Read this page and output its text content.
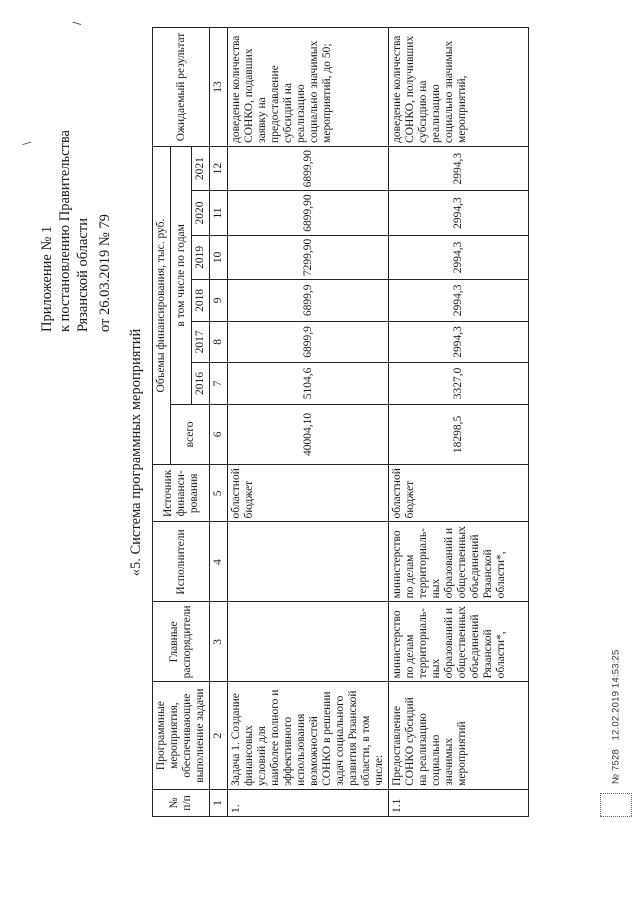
Приложение № 1 к постановлению Правительства Рязанской области от 26.03.2019 № 79
«5. Система программных мероприятий
№ п/п	Программные мероприятия, обеспечивающие выполнение задачи	Главные распорядители	Исполнители	Источник финанси-рования	Объемы финансирования, тыс. руб.							Ожидаемый результат
					всего	в том числе по годам						
						2016	2017	2018	2019	2020	2021	
1	2	3	4	5	6	7	8	9	10	11	12	13
1.	Задача 1. Создание финансовых условий для наиболее полного и эффективного использования возможностей СОНКО в решении задач социального развития Рязанской области, в том числе:			областной бюджет	40004,10	5104,6	6899,9	6899,9	7299,90	6899,90	6899,90	доведение количества СОНКО, подавших заявку на предоставление субсидий на реализацию социально значимых мероприятий, до 50;
1.1	Предоставление СОНКО субсидий на реализацию социально значимых мероприятий	министерство по делам территориаль-ных образований и общественных объединений Рязанской области*,	министерство по делам территориаль-ных образований и общественных объединений Рязанской области*,	областной бюджет	18298,5	3327,0	2994,3	2994,3	2994,3	2994,3	2994,3	доведение количества СОНКО, получивших субсидию на реализацию социально значимых мероприятий,
№ 7528   12.02.2019 14:53:25
/
\
